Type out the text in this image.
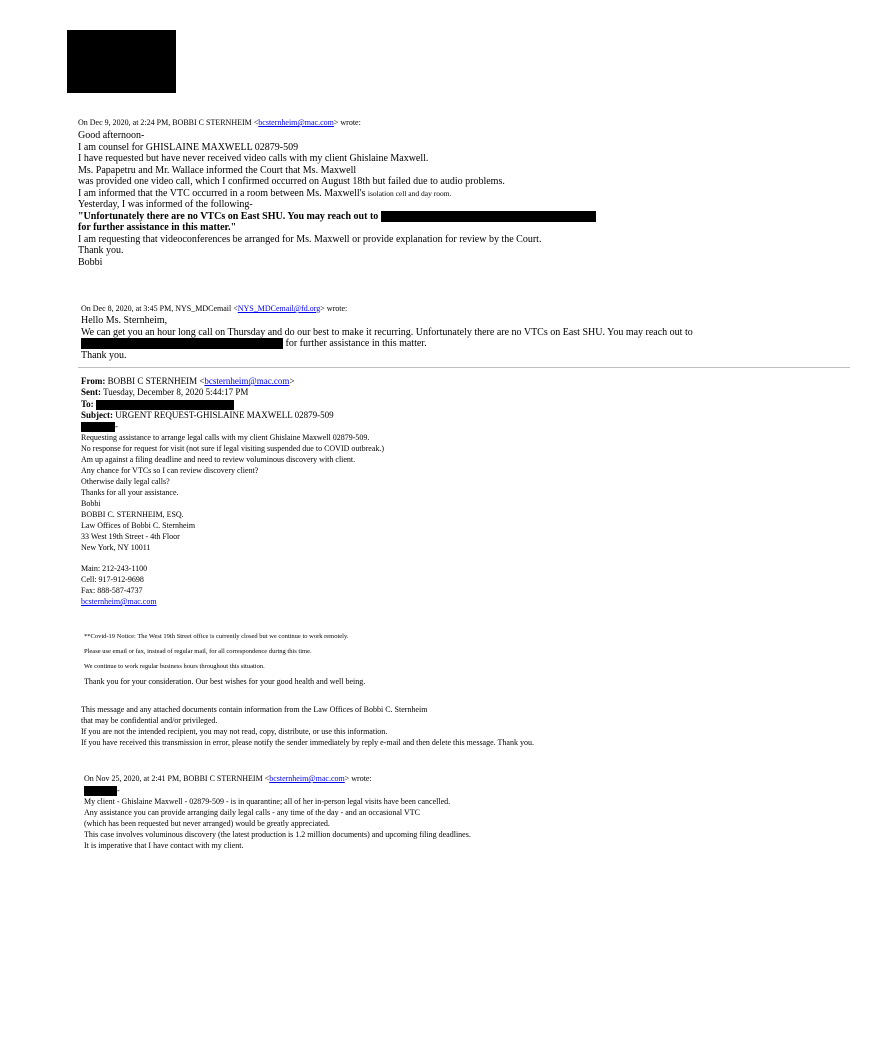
On Dec 9, 2020, at 2:24 PM, BOBBI C STERNHEIM <bcsternheim@mac.com> wrote:
Good afternoon-
I am counsel for GHISLAINE MAXWELL 02879-509
I have requested but have never received video calls with my client Ghislaine Maxwell.
Ms. Papapetru and Mr. Wallace informed the Court that Ms. Maxwell
was provided one video call, which I confirmed occurred on August 18th but failed due to audio problems.
I am informed that the VTC occurred in a room between Ms. Maxwell's isolation cell and day room.
Yesterday, I was informed of the following-
"Unfortunately there are no VTCs on East SHU. You may reach out to
for further assistance in this matter."
I am requesting that videoconferences be arranged for Ms. Maxwell or provide explanation for review by the Court.
Thank you.
Bobbi
On Dec 8, 2020, at 3:45 PM, NYS_MDCemail <NYS_MDCemail@fd.org> wrote:
Hello Ms. Sternheim,
We can get you an hour long call on Thursday and do our best to make it recurring. Unfortunately there are no VTCs on East SHU. You may reach out to
for further assistance in this matter.
Thank you.
From: BOBBI C STERNHEIM <bcsternheim@mac.com>
Sent: Tuesday, December 8, 2020 5:44:17 PM
To:
Subject: URGENT REQUEST-GHISLAINE MAXWELL 02879-509
-
Requesting assistance to arrange legal calls with my client Ghislaine Maxwell 02879-509.
No response for request for visit (not sure if legal visiting suspended due to COVID outbreak.)
Am up against a filing deadline and need to review voluminous discovery with client.
Any chance for VTCs so I can review discovery client?
Otherwise daily legal calls?
Thanks for all your assistance.
Bobbi
BOBBI C. STERNHEIM, ESQ.
Law Offices of Bobbi C. Sternheim
33 West 19th Street - 4th Floor
New York, NY 10011
Main: 212-243-1100
Cell: 917-912-9698
Fax: 888-587-4737
bcsternheim@mac.com
**Covid-19 Notice: The West 19th Street office is currently closed but we continue to work remotely.
Please use email or fax, instead of regular mail, for all correspondence during this time.
We continue to work regular business hours throughout this situation.
Thank you for your consideration. Our best wishes for your good health and well being.
This message and any attached documents contain information from the Law Offices of Bobbi C. Sternheim
that may be confidential and/or privileged.
If you are not the intended recipient, you may not read, copy, distribute, or use this information.
If you have received this transmission in error, please notify the sender immediately by reply e-mail and then delete this message. Thank you.
On Nov 25, 2020, at 2:41 PM, BOBBI C STERNHEIM <bcsternheim@mac.com> wrote:
-
My client - Ghislaine Maxwell - 02879-509 - is in quarantine; all of her in-person legal visits have been cancelled.
Any assistance you can provide arranging daily legal calls - any time of the day - and an occasional VTC
(which has been requested but never arranged) would be greatly appreciated.
This case involves voluminous discovery (the latest production is 1.2 million documents) and upcoming filing deadlines.
It is imperative that I have contact with my client.
